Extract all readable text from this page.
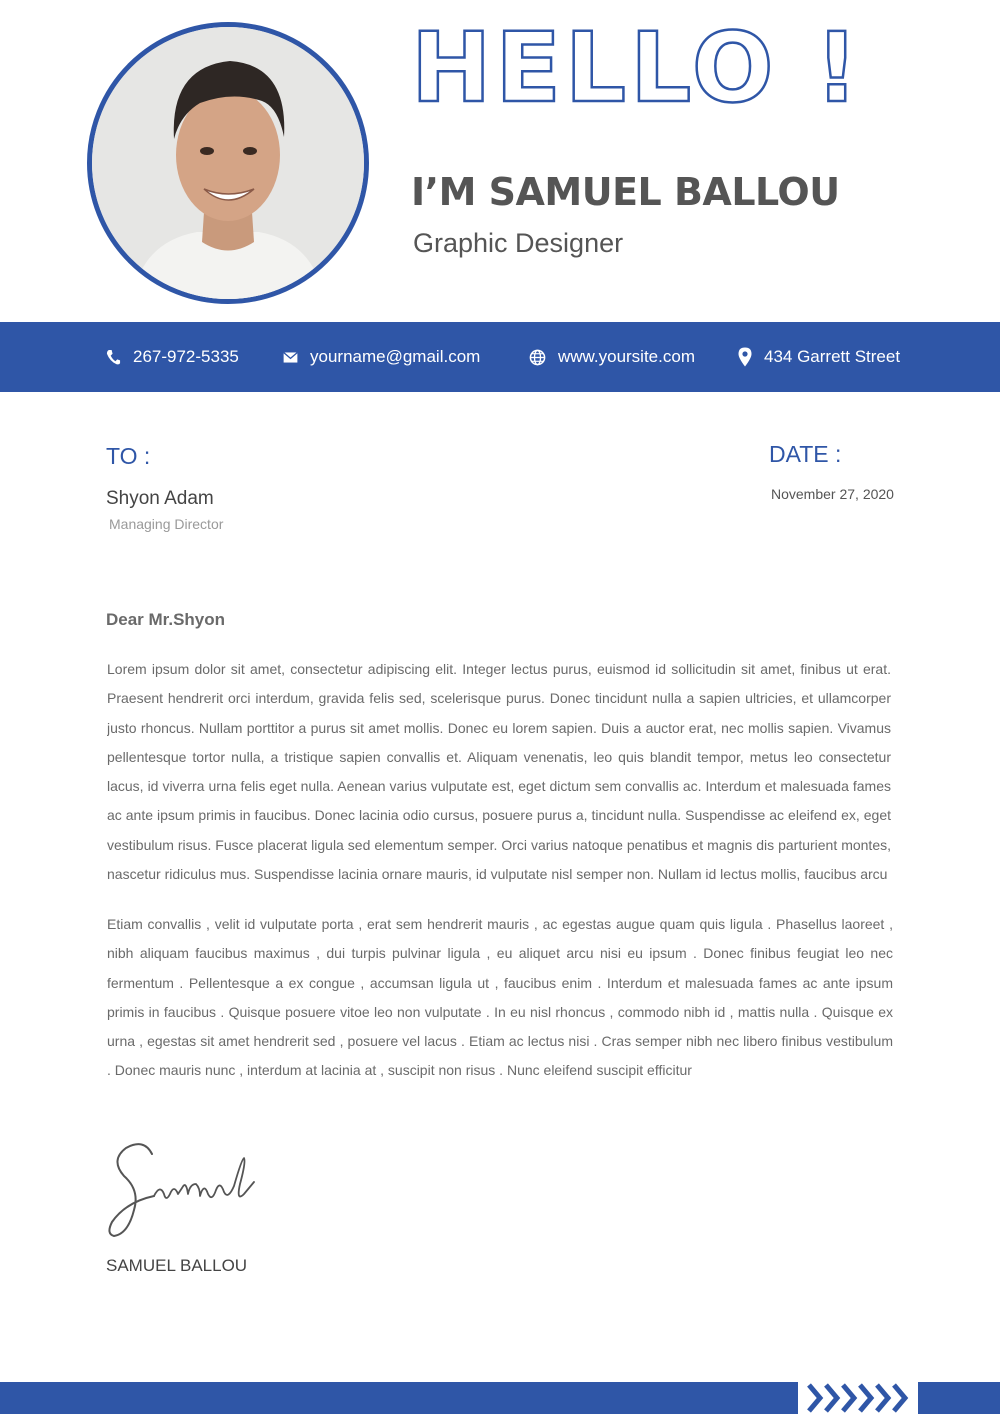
HELLO !
I’M SAMUEL BALLOU
Graphic Designer
267-972-5335	yourname@gmail.com	www.yoursite.com	434 Garrett Street
TO :
Shyon Adam
Managing Director
DATE :
November 27, 2020
Dear Mr.Shyon

Lorem ipsum dolor sit amet, consectetur adipiscing elit. Integer lectus purus, euismod id sollicitudin sit amet, finibus ut erat. Praesent hendrerit orci interdum, gravida felis sed, scelerisque purus. Donec tincidunt nulla a sapien ultricies, et ullamcorper justo rhoncus. Nullam porttitor a purus sit amet mollis. Donec eu lorem sapien. Duis a auctor erat, nec mollis sapien. Vivamus pellentesque tortor nulla, a tristique sapien convallis et. Aliquam venenatis, leo quis blandit tempor, metus leo consectetur lacus, id viverra urna felis eget nulla. Aenean varius vulputate est, eget dictum sem convallis ac. Interdum et malesuada fames ac ante ipsum primis in faucibus. Donec lacinia odio cursus, posuere purus a, tincidunt nulla. Suspendisse ac eleifend ex, eget vestibulum risus. Fusce placerat ligula sed elementum semper. Orci varius natoque penatibus et magnis dis parturient montes, nascetur ridiculus mus. Suspendisse lacinia ornare mauris, id vulputate nisl semper non. Nullam id lectus mollis, faucibus arcu

Etiam convallis , velit id vulputate porta , erat sem hendrerit mauris , ac egestas augue quam quis ligula . Phasellus laoreet , nibh aliquam faucibus maximus , dui turpis pulvinar ligula , eu aliquet arcu nisi eu ipsum . Donec finibus feugiat leo nec fermentum . Pellentesque a ex congue , accumsan ligula ut , faucibus enim . Interdum et malesuada fames ac ante ipsum primis in faucibus . Quisque posuere vitoe leo non vulputate . In eu nisl rhoncus , commodo nibh id , mattis nulla . Quisque ex urna , egestas sit amet hendrerit sed , posuere vel lacus . Etiam ac lectus nisi . Cras semper nibh nec libero finibus vestibulum . Donec mauris nunc , interdum at lacinia at , suscipit non risus . Nunc eleifend suscipit efficitur

SAMUEL BALLOU
